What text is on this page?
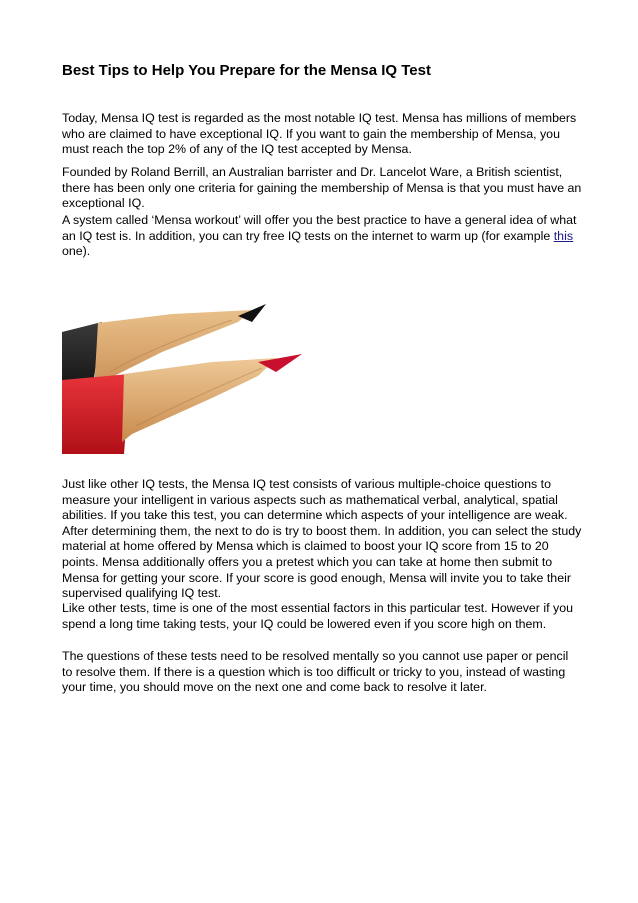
Best Tips to Help You Prepare for the Mensa IQ Test

Today, Mensa IQ test is regarded as the most notable IQ test. Mensa has millions of members who are claimed to have exceptional IQ. If you want to gain the membership of Mensa, you must reach the top 2% of any of the IQ test accepted by Mensa.

Founded by Roland Berrill, an Australian barrister and Dr. Lancelot Ware, a British scientist, there has been only one criteria for gaining the membership of Mensa is that you must have an exceptional IQ.

A system called ‘Mensa workout’ will offer you the best practice to have a general idea of what an IQ test is. In addition, you can try free IQ tests on the internet to warm up (for example this one).

Just like other IQ tests, the Mensa IQ test consists of various multiple-choice questions to measure your intelligent in various aspects such as mathematical verbal, analytical, spatial abilities. If you take this test, you can determine which aspects of your intelligence are weak. After determining them, the next to do is try to boost them. In addition, you can select the study material at home offered by Mensa which is claimed to boost your IQ score from 15 to 20 points. Mensa additionally offers you a pretest which you can take at home then submit to Mensa for getting your score. If your score is good enough, Mensa will invite you to take their supervised qualifying IQ test.

Like other tests, time is one of the most essential factors in this particular test. However if you spend a long time taking tests, your IQ could be lowered even if you score high on them.

The questions of these tests need to be resolved mentally so you cannot use paper or pencil to resolve them. If there is a question which is too difficult or tricky to you, instead of wasting your time, you should move on the next one and come back to resolve it later.
